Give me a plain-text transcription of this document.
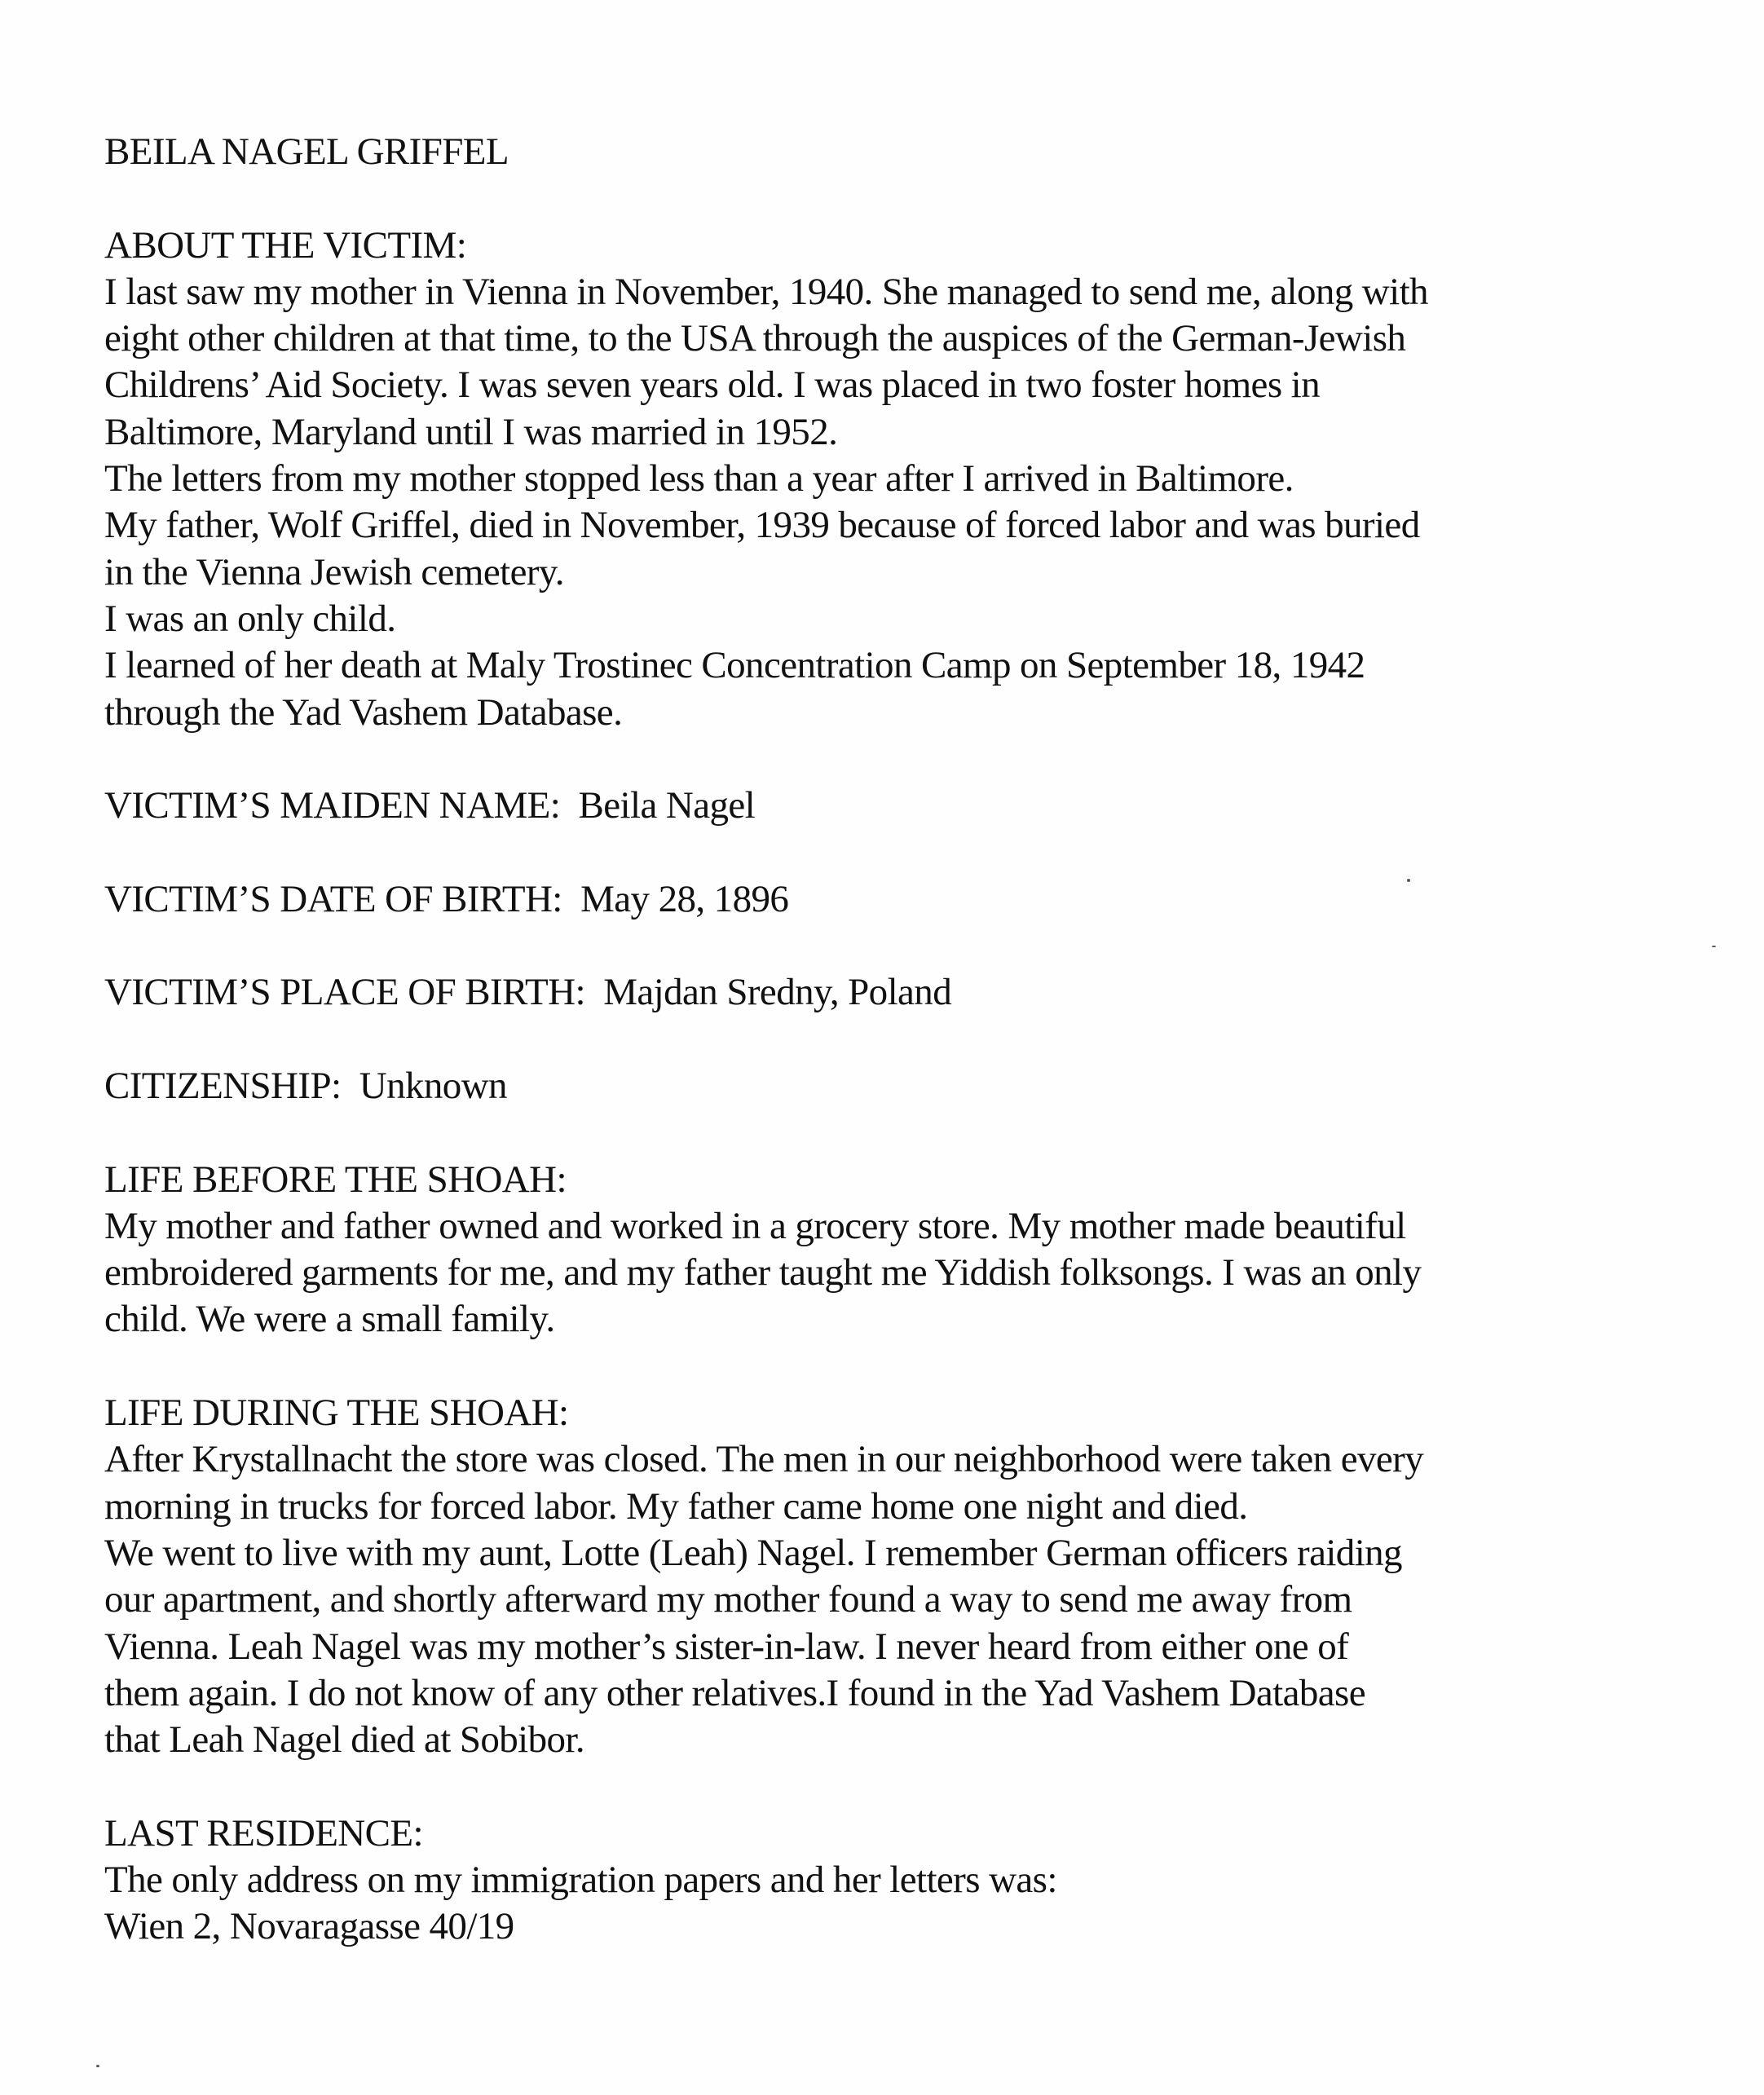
BEILA NAGEL GRIFFEL
ABOUT THE VICTIM:
I last saw my mother in Vienna in November, 1940. She managed to send me, along with
eight other children at that time, to the USA through the auspices of the German-Jewish
Childrens’ Aid Society. I was seven years old. I was placed in two foster homes in
Baltimore, Maryland until I was married in 1952.
The letters from my mother stopped less than a year after I arrived in Baltimore.
My father, Wolf Griffel, died in November, 1939 because of forced labor and was buried
in the Vienna Jewish cemetery.
I was an only child.
I learned of her death at Maly Trostinec Concentration Camp on September 18, 1942
through the Yad Vashem Database.
VICTIM’S MAIDEN NAME: Beila Nagel
VICTIM’S DATE OF BIRTH: May 28, 1896
VICTIM’S PLACE OF BIRTH: Majdan Sredny, Poland
CITIZENSHIP: Unknown
LIFE BEFORE THE SHOAH:
My mother and father owned and worked in a grocery store. My mother made beautiful
embroidered garments for me, and my father taught me Yiddish folksongs. I was an only
child. We were a small family.
LIFE DURING THE SHOAH:
After Krystallnacht the store was closed. The men in our neighborhood were taken every
morning in trucks for forced labor. My father came home one night and died.
We went to live with my aunt, Lotte (Leah) Nagel. I remember German officers raiding
our apartment, and shortly afterward my mother found a way to send me away from
Vienna. Leah Nagel was my mother’s sister-in-law. I never heard from either one of
them again. I do not know of any other relatives.I found in the Yad Vashem Database
that Leah Nagel died at Sobibor.
LAST RESIDENCE:
The only address on my immigration papers and her letters was:
Wien 2, Novaragasse 40/19
